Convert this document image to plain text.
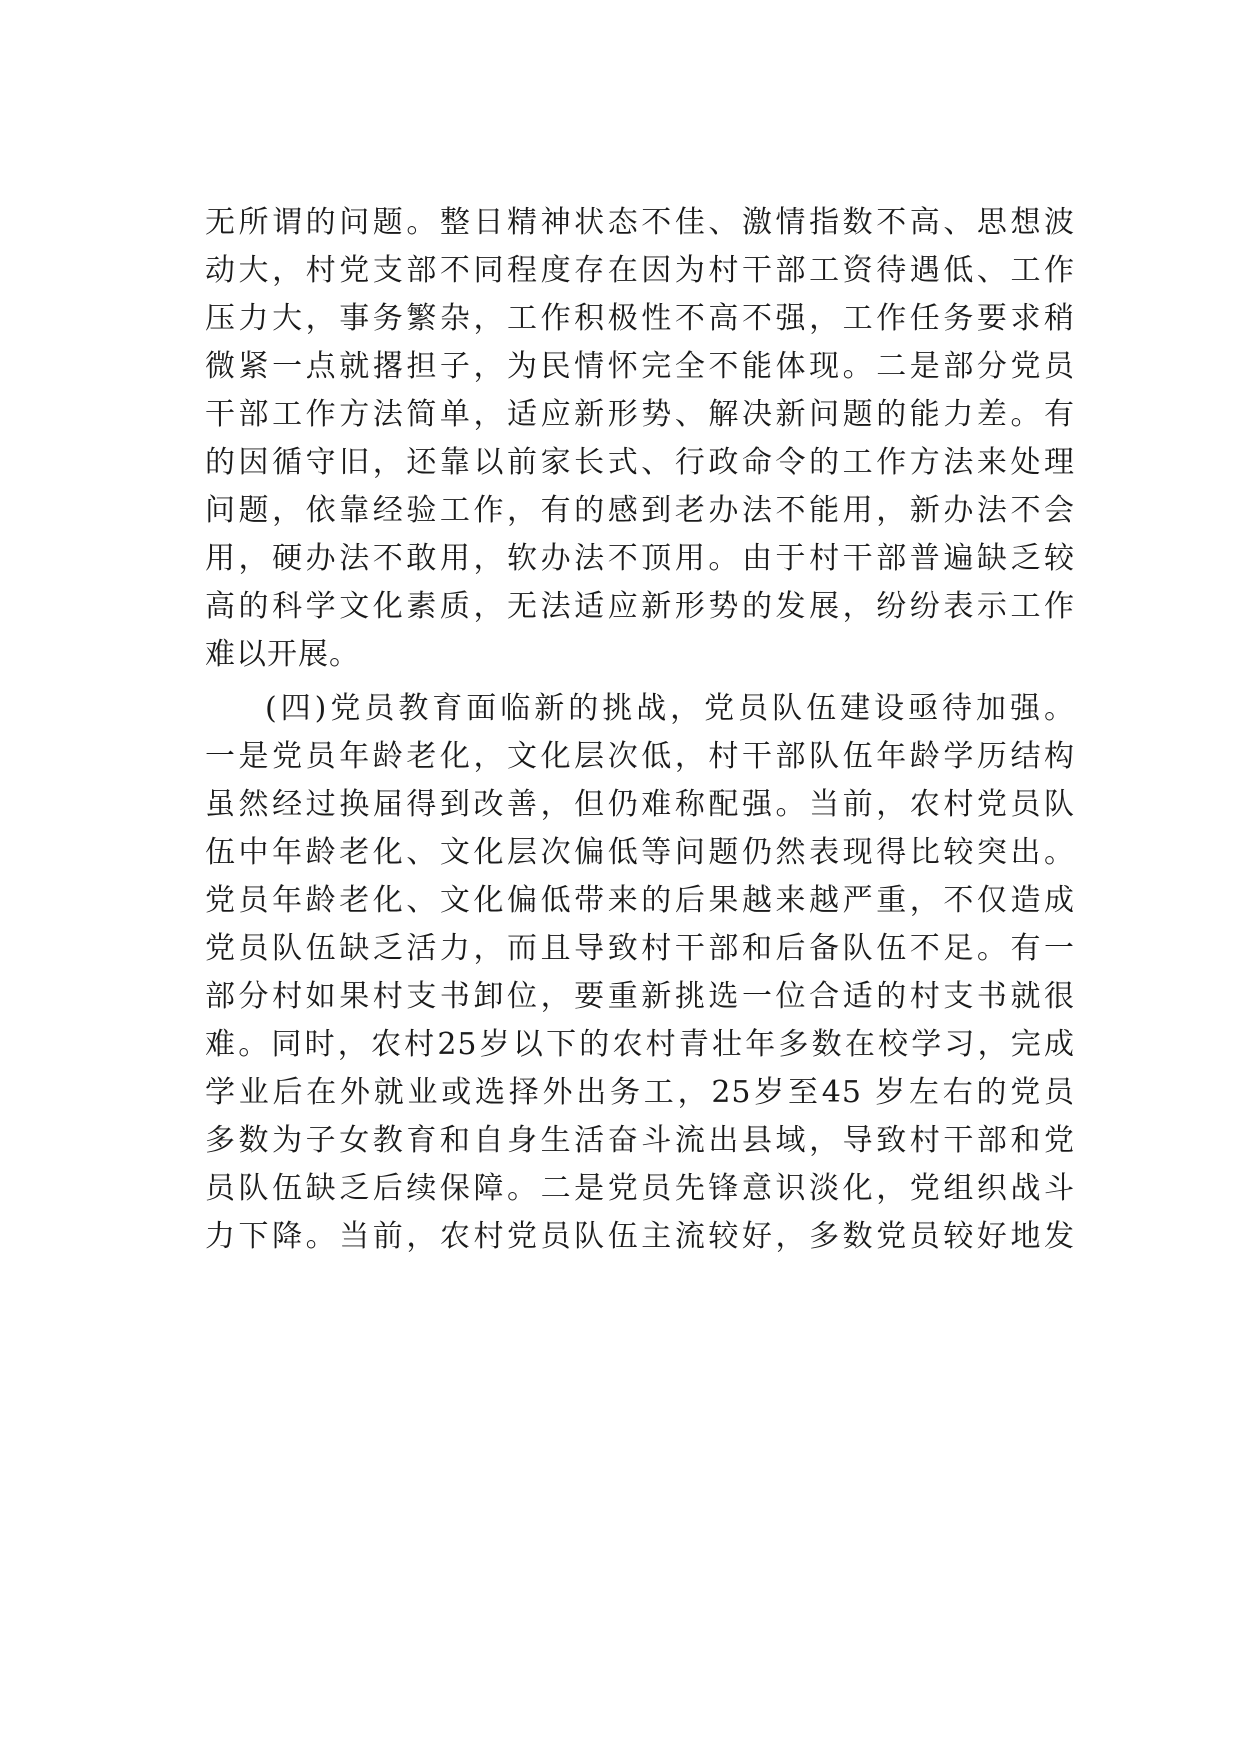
无所谓的问题。整日精神状态不佳、激情指数不高、思想波
动大，村党支部不同程度存在因为村干部工资待遇低、工作
压力大，事务繁杂，工作积极性不高不强，工作任务要求稍
微紧一点就撂担子，为民情怀完全不能体现。二是部分党员
干部工作方法简单，适应新形势、解决新问题的能力差。有
的因循守旧，还靠以前家长式、行政命令的工作方法来处理
问题，依靠经验工作，有的感到老办法不能用，新办法不会
用，硬办法不敢用，软办法不顶用。由于村干部普遍缺乏较
高的科学文化素质，无法适应新形势的发展，纷纷表示工作
难以开展。
(四)党员教育面临新的挑战，党员队伍建设亟待加强。
一是党员年龄老化，文化层次低，村干部队伍年龄学历结构
虽然经过换届得到改善，但仍难称配强。当前，农村党员队
伍中年龄老化、文化层次偏低等问题仍然表现得比较突出。
党员年龄老化、文化偏低带来的后果越来越严重，不仅造成
党员队伍缺乏活力，而且导致村干部和后备队伍不足。有一
部分村如果村支书卸位，要重新挑选一位合适的村支书就很
难。同时，农村25岁以下的农村青壮年多数在校学习，完成
学业后在外就业或选择外出务工，25岁至45 岁左右的党员
多数为子女教育和自身生活奋斗流出县域，导致村干部和党
员队伍缺乏后续保障。二是党员先锋意识淡化，党组织战斗
力下降。当前，农村党员队伍主流较好，多数党员较好地发
